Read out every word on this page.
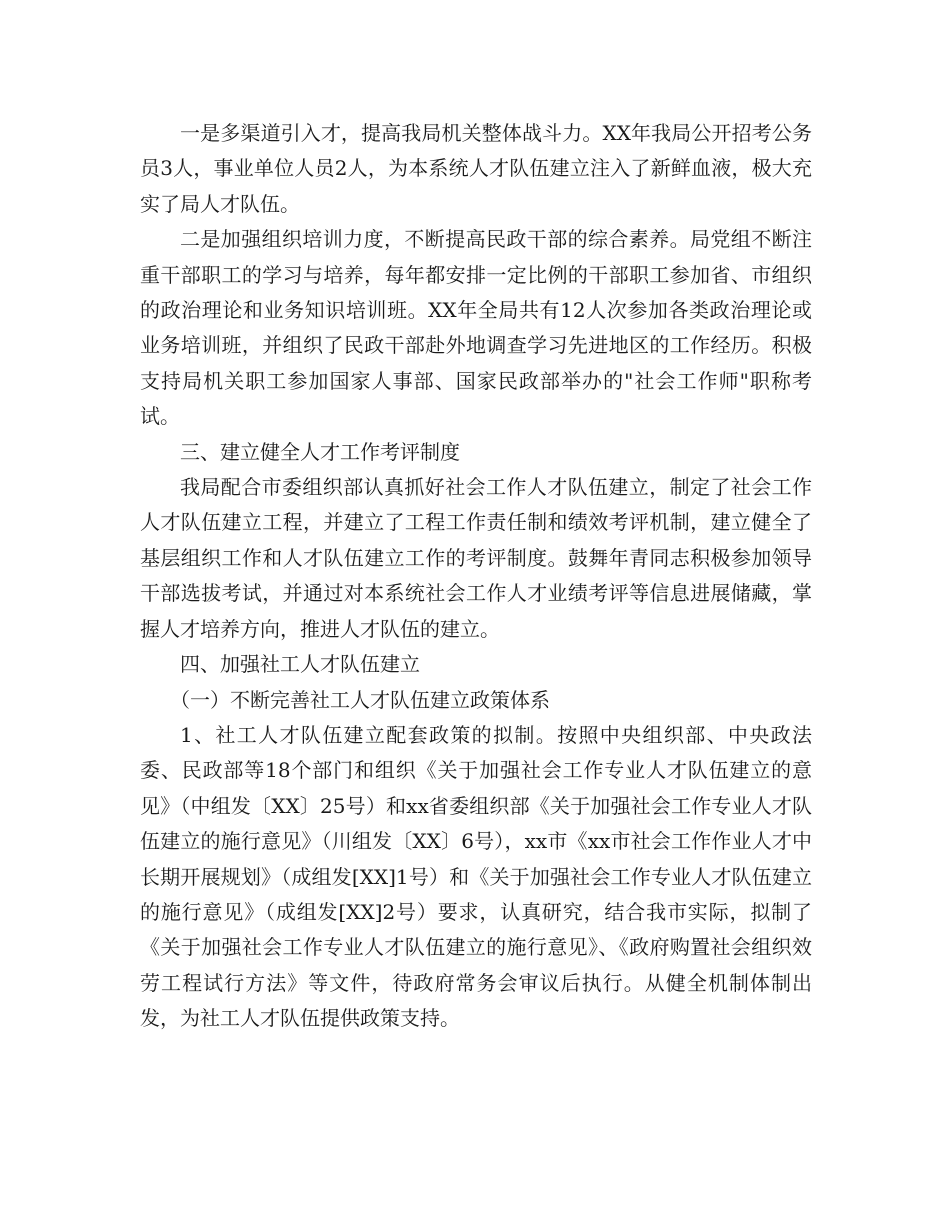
一是多渠道引入才，提高我局机关整体战斗力。XX年我局公开招考公务员3人，事业单位人员2人，为本系统人才队伍建立注入了新鲜血液，极大充实了局人才队伍。

二是加强组织培训力度，不断提高民政干部的综合素养。局党组不断注重干部职工的学习与培养，每年都安排一定比例的干部职工参加省、市组织的政治理论和业务知识培训班。XX年全局共有12人次参加各类政治理论或业务培训班，并组织了民政干部赴外地调查学习先进地区的工作经历。积极支持局机关职工参加国家人事部、国家民政部举办的"社会工作师"职称考试。

三、建立健全人才工作考评制度

我局配合市委组织部认真抓好社会工作人才队伍建立，制定了社会工作人才队伍建立工程，并建立了工程工作责任制和绩效考评机制，建立健全了基层组织工作和人才队伍建立工作的考评制度。鼓舞年青同志积极参加领导干部选拔考试，并通过对本系统社会工作人才业绩考评等信息进展储藏，掌握人才培养方向，推进人才队伍的建立。

四、加强社工人才队伍建立

（一）不断完善社工人才队伍建立政策体系

1、社工人才队伍建立配套政策的拟制。按照中央组织部、中央政法委、民政部等18个部门和组织《关于加强社会工作专业人才队伍建立的意见》（中组发〔XX〕25号）和xx省委组织部《关于加强社会工作专业人才队伍建立的施行意见》（川组发〔XX〕6号），xx市《xx市社会工作作业人才中长期开展规划》（成组发[XX]1号）和《关于加强社会工作专业人才队伍建立的施行意见》（成组发[XX]2号）要求，认真研究，结合我市实际，拟制了《关于加强社会工作专业人才队伍建立的施行意见》、《政府购置社会组织效劳工程试行方法》等文件，待政府常务会审议后执行。从健全机制体制出发，为社工人才队伍提供政策支持。
